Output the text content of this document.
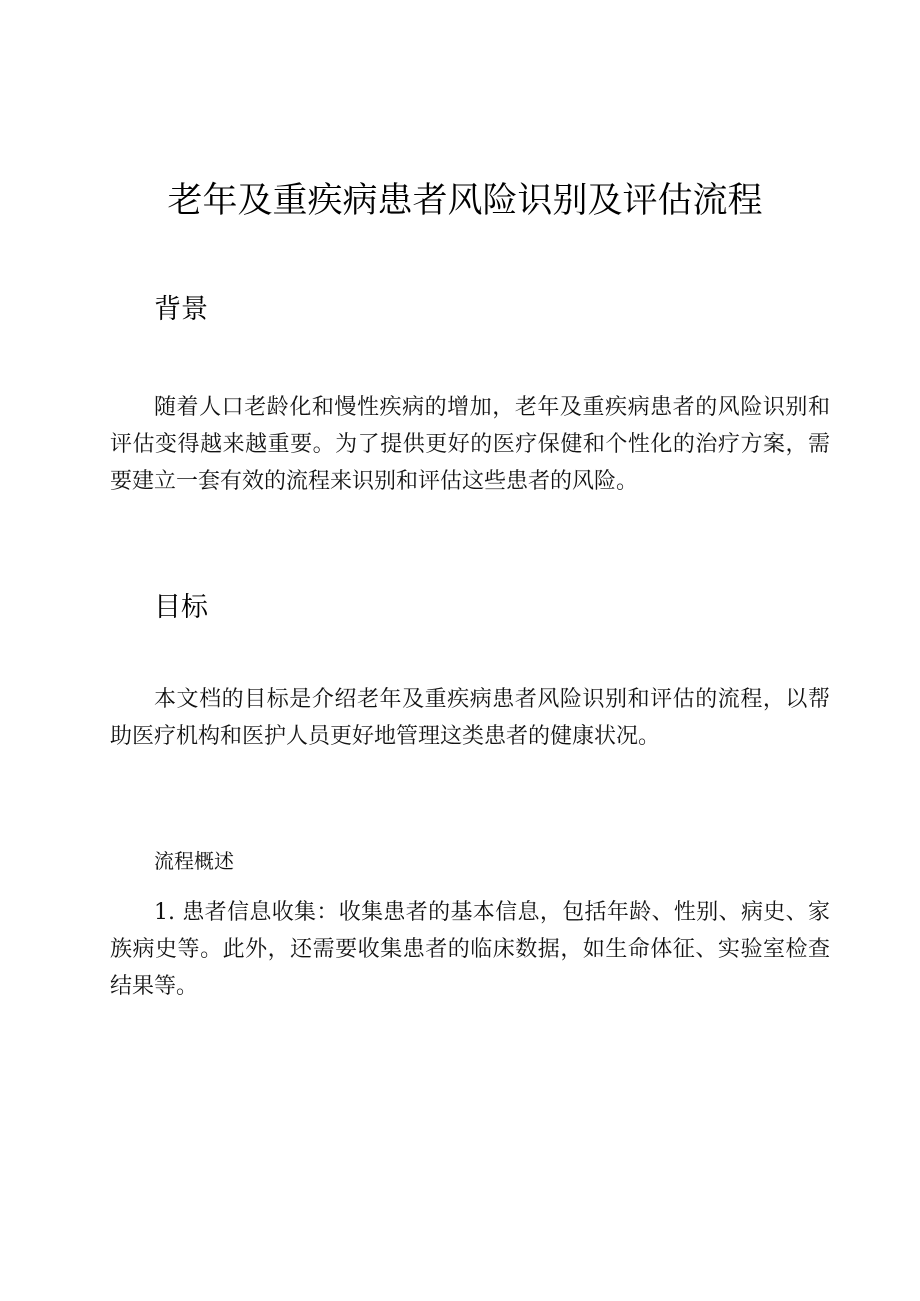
老年及重疾病患者风险识别及评估流程
背景

随着人口老龄化和慢性疾病的增加，老年及重疾病患者的风险识别和评估变得越来越重要。为了提供更好的医疗保健和个性化的治疗方案，需要建立一套有效的流程来识别和评估这些患者的风险。

目标

本文档的目标是介绍老年及重疾病患者风险识别和评估的流程，以帮助医疗机构和医护人员更好地管理这类患者的健康状况。

流程概述

1. 患者信息收集：收集患者的基本信息，包括年龄、性别、病史、家族病史等。此外，还需要收集患者的临床数据，如生命体征、实验室检查结果等。
